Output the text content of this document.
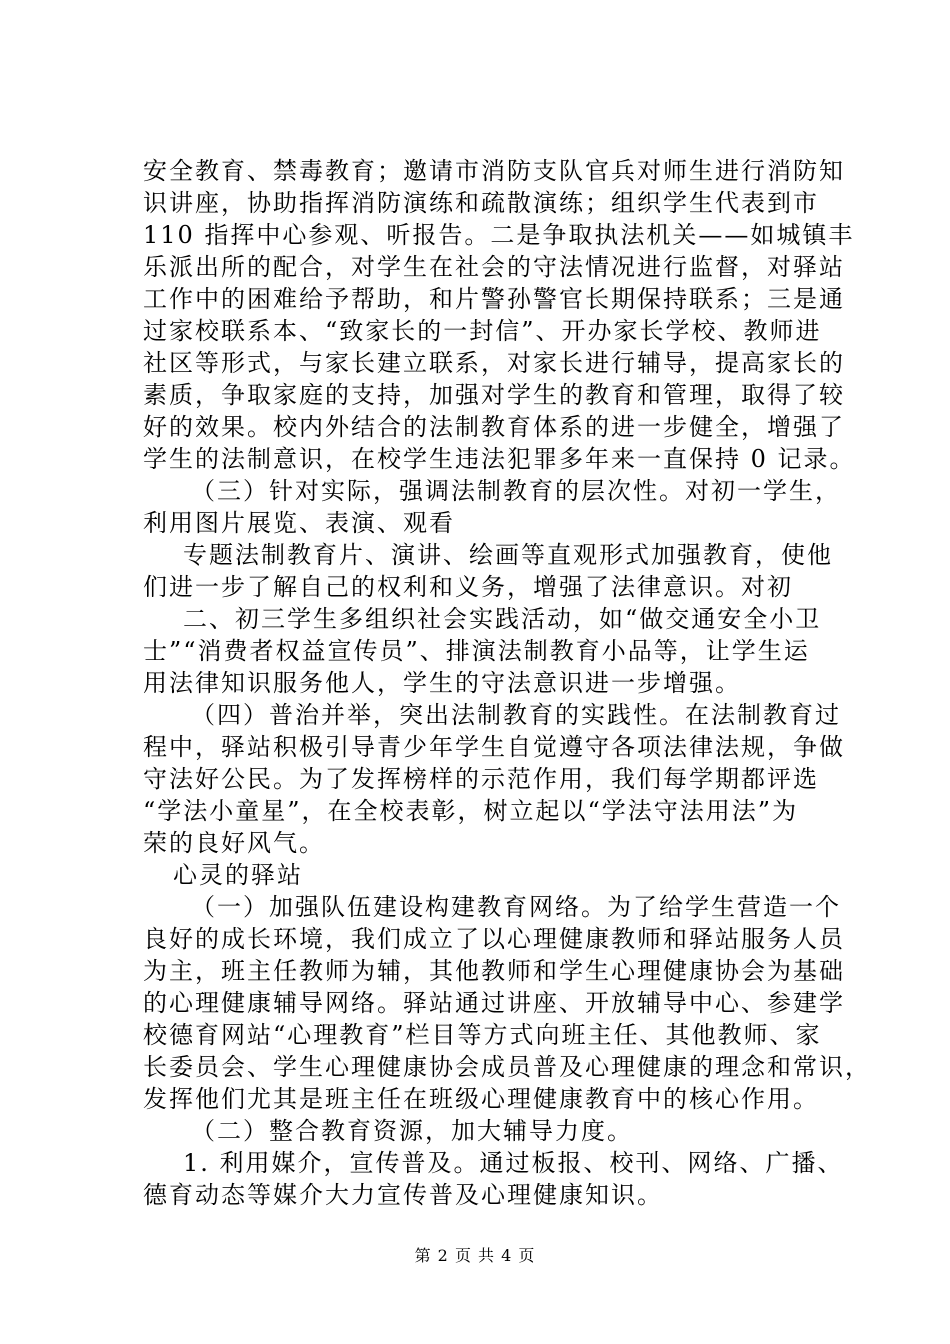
安全教育、禁毒教育；邀请市消防支队官兵对师生进行消防知
识讲座，协助指挥消防演练和疏散演练；组织学生代表到市
110 指挥中心参观、听报告。二是争取执法机关——如城镇丰
乐派出所的配合，对学生在社会的守法情况进行监督，对驿站
工作中的困难给予帮助，和片警孙警官长期保持联系；三是通
过家校联系本、“致家长的一封信”、开办家长学校、教师进
社区等形式，与家长建立联系，对家长进行辅导，提高家长的
素质，争取家庭的支持，加强对学生的教育和管理，取得了较
好的效果。校内外结合的法制教育体系的进一步健全，增强了
学生的法制意识，在校学生违法犯罪多年来一直保持 0 记录。
（三）针对实际，强调法制教育的层次性。对初一学生，
利用图片展览、表演、观看
专题法制教育片、演讲、绘画等直观形式加强教育，使他
们进一步了解自己的权利和义务，增强了法律意识。对初
二、初三学生多组织社会实践活动，如“做交通安全小卫
士”“消费者权益宣传员”、排演法制教育小品等，让学生运
用法律知识服务他人，学生的守法意识进一步增强。
（四）普治并举，突出法制教育的实践性。在法制教育过
程中，驿站积极引导青少年学生自觉遵守各项法律法规，争做
守法好公民。为了发挥榜样的示范作用，我们每学期都评选
“学法小童星”，在全校表彰，树立起以“学法守法用法”为
荣的良好风气。
心灵的驿站
（一）加强队伍建设构建教育网络。为了给学生营造一个
良好的成长环境，我们成立了以心理健康教师和驿站服务人员
为主，班主任教师为辅，其他教师和学生心理健康协会为基础
的心理健康辅导网络。驿站通过讲座、开放辅导中心、参建学
校德育网站“心理教育”栏目等方式向班主任、其他教师、家
长委员会、学生心理健康协会成员普及心理健康的理念和常识，
发挥他们尤其是班主任在班级心理健康教育中的核心作用。
（二）整合教育资源，加大辅导力度。
1. 利用媒介，宣传普及。通过板报、校刊、网络、广播、
德育动态等媒介大力宣传普及心理健康知识。
第 2 页 共 4 页
